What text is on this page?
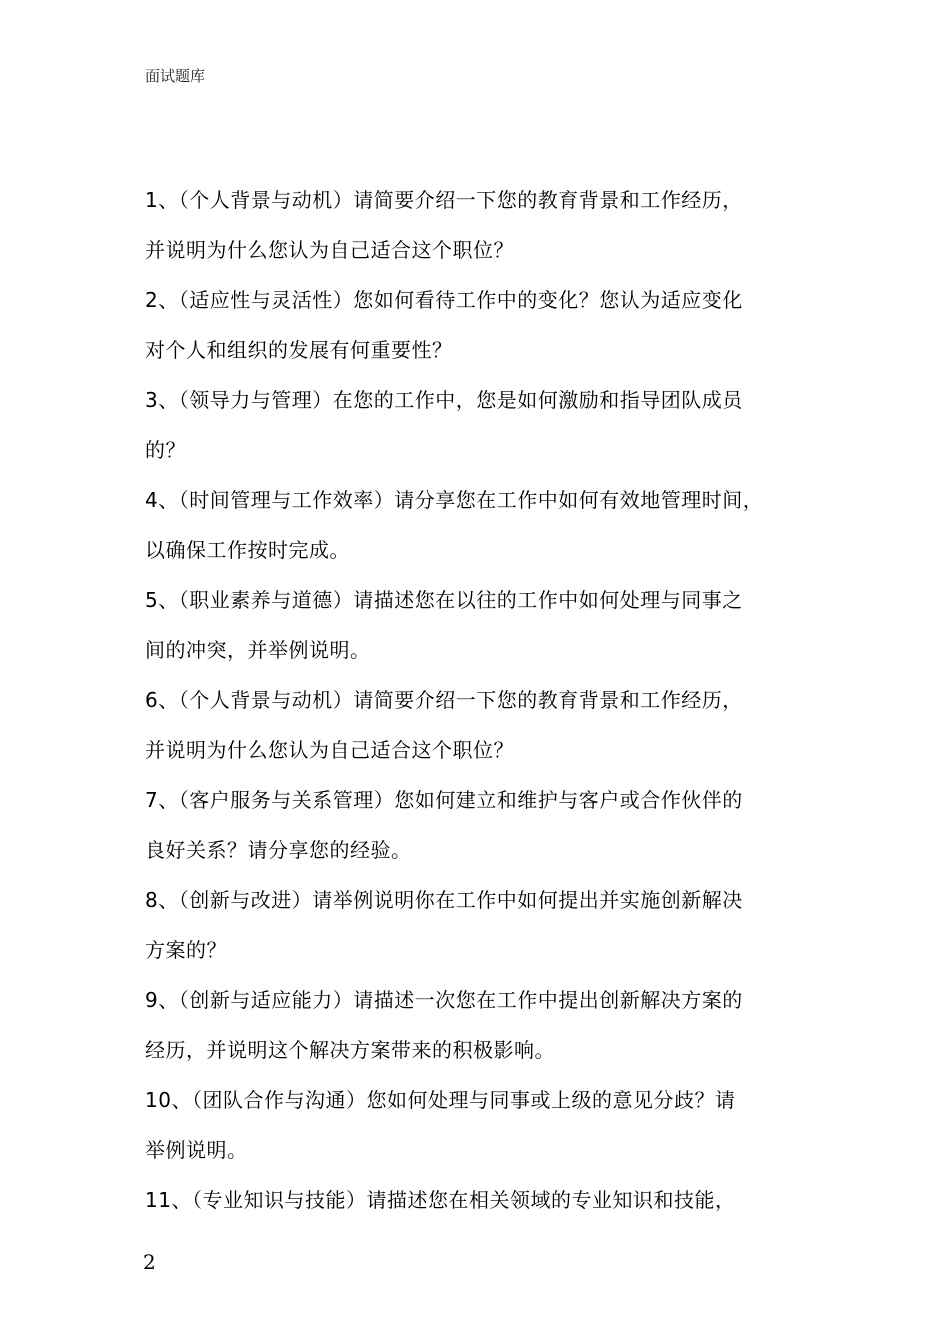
面试题库
1、（个人背景与动机）请简要介绍一下您的教育背景和工作经历，
并说明为什么您认为自己适合这个职位？
2、（适应性与灵活性）您如何看待工作中的变化？您认为适应变化
对个人和组织的发展有何重要性？
3、（领导力与管理）在您的工作中，您是如何激励和指导团队成员
的？
4、（时间管理与工作效率）请分享您在工作中如何有效地管理时间，
以确保工作按时完成。
5、（职业素养与道德）请描述您在以往的工作中如何处理与同事之
间的冲突，并举例说明。
6、（个人背景与动机）请简要介绍一下您的教育背景和工作经历，
并说明为什么您认为自己适合这个职位？
7、（客户服务与关系管理）您如何建立和维护与客户或合作伙伴的
良好关系？请分享您的经验。
8、（创新与改进）请举例说明你在工作中如何提出并实施创新解决
方案的？
9、（创新与适应能力）请描述一次您在工作中提出创新解决方案的
经历，并说明这个解决方案带来的积极影响。
10、（团队合作与沟通）您如何处理与同事或上级的意见分歧？请
举例说明。
11、（专业知识与技能）请描述您在相关领域的专业知识和技能，
2
